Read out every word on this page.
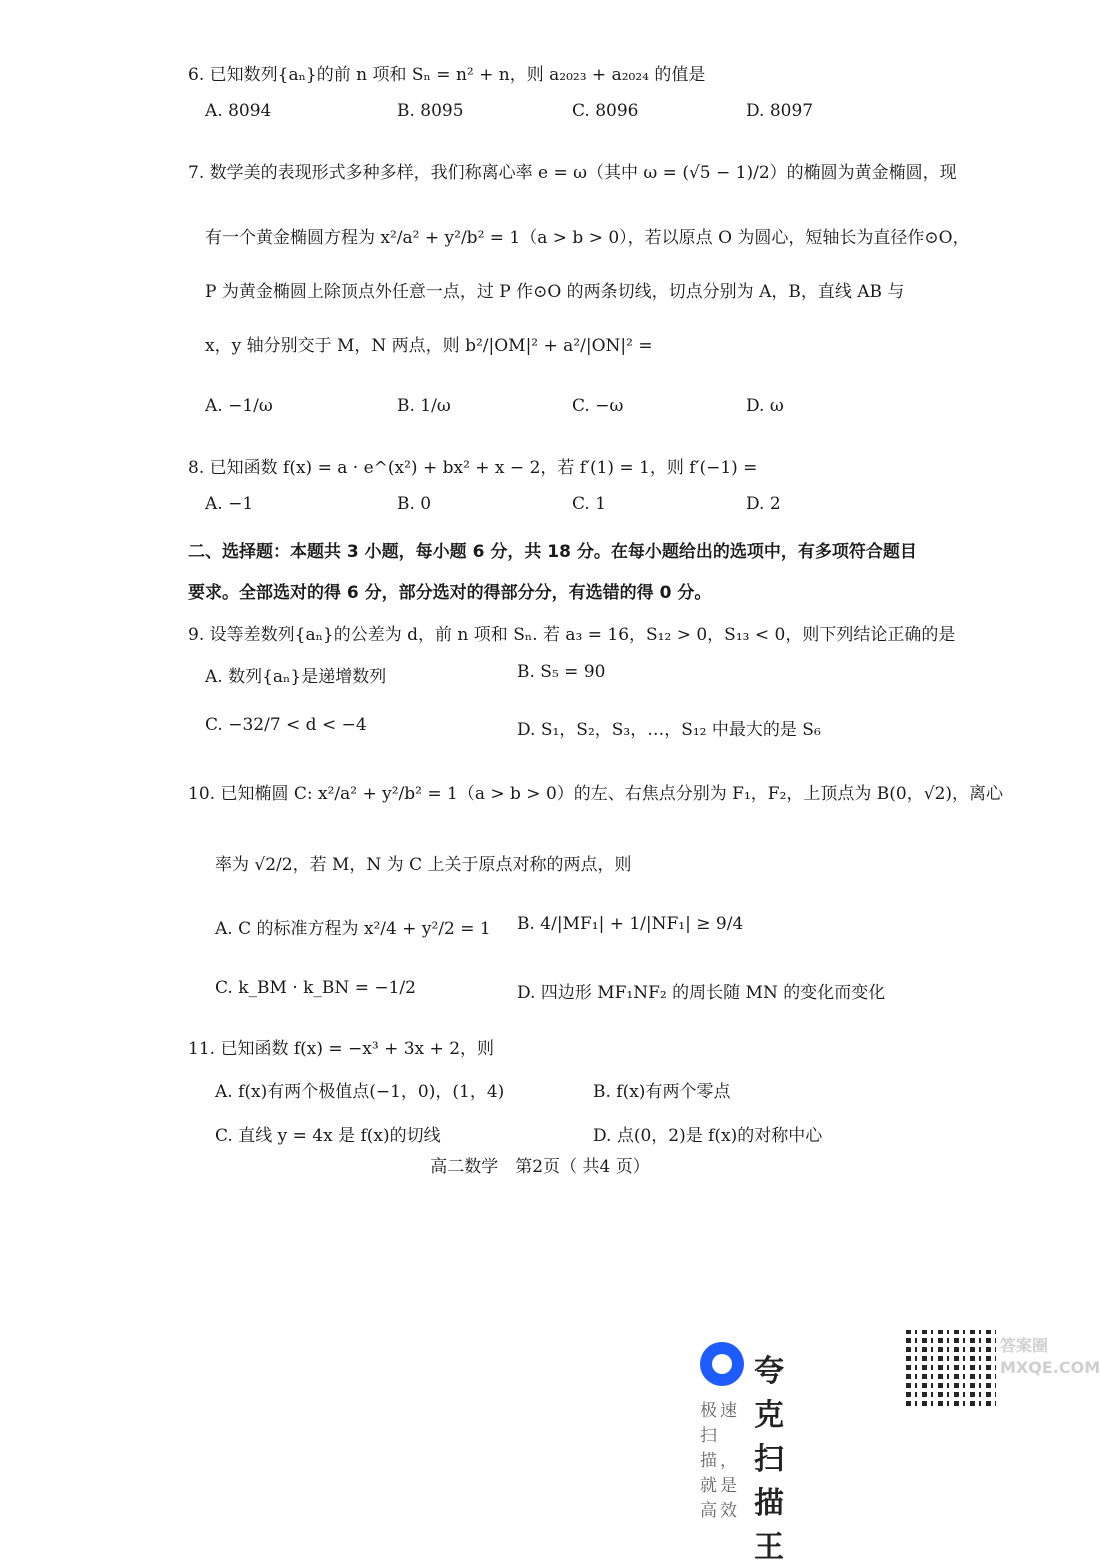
6. 已知数列{aₙ}的前 n 项和 Sₙ = n² + n，则 a₂₀₂₃ + a₂₀₂₄ 的值是
A. 8094	B. 8095	C. 8096	D. 8097
7. 数学美的表现形式多种多样，我们称离心率 e = ω（其中 ω = (√5 − 1)/2）的椭圆为黄金椭圆，现
有一个黄金椭圆方程为 x²/a² + y²/b² = 1（a > b > 0），若以原点 O 为圆心，短轴长为直径作⊙O，
P 为黄金椭圆上除顶点外任意一点，过 P 作⊙O 的两条切线，切点分别为 A，B，直线 AB 与
x，y 轴分别交于 M，N 两点，则 b²/|OM|² + a²/|ON|² =
A. −1/ω	B. 1/ω	C. −ω	D. ω
8. 已知函数 f(x) = a · e^(x²) + bx² + x − 2，若 f′(1) = 1，则 f′(−1) =
A. −1	B. 0	C. 1	D. 2
二、选择题：本题共 3 小题，每小题 6 分，共 18 分。在每小题给出的选项中，有多项符合题目
要求。全部选对的得 6 分，部分选对的得部分分，有选错的得 0 分。
9. 设等差数列{aₙ}的公差为 d，前 n 项和 Sₙ. 若 a₃ = 16，S₁₂ > 0，S₁₃ < 0，则下列结论正确的是
A. 数列{aₙ}是递增数列	B. S₅ = 90
C. −32/7 < d < −4	D. S₁，S₂，S₃，…，S₁₂ 中最大的是 S₆
10. 已知椭圆 C: x²/a² + y²/b² = 1（a > b > 0）的左、右焦点分别为 F₁，F₂，上顶点为 B(0，√2)，离心
率为 √2/2，若 M，N 为 C 上关于原点对称的两点，则
A. C 的标准方程为 x²/4 + y²/2 = 1 B. 4/|MF₁| + 1/|NF₁| ≥ 9/4
C. k_BM · k_BN = −1/2	D. 四边形 MF₁NF₂ 的周长随 MN 的变化而变化
11. 已知函数 f(x) = −x³ + 3x + 2，则
A. f(x)有两个极值点(−1，0)，(1，4)	B. f(x)有两个零点
C. 直线 y = 4x 是 f(x)的切线	D. 点(0，2)是 f(x)的对称中心
高二数学　第2页（ 共4 页）
夸克扫描王
极速扫描，就是高效
答案圈 MXQE.COM
